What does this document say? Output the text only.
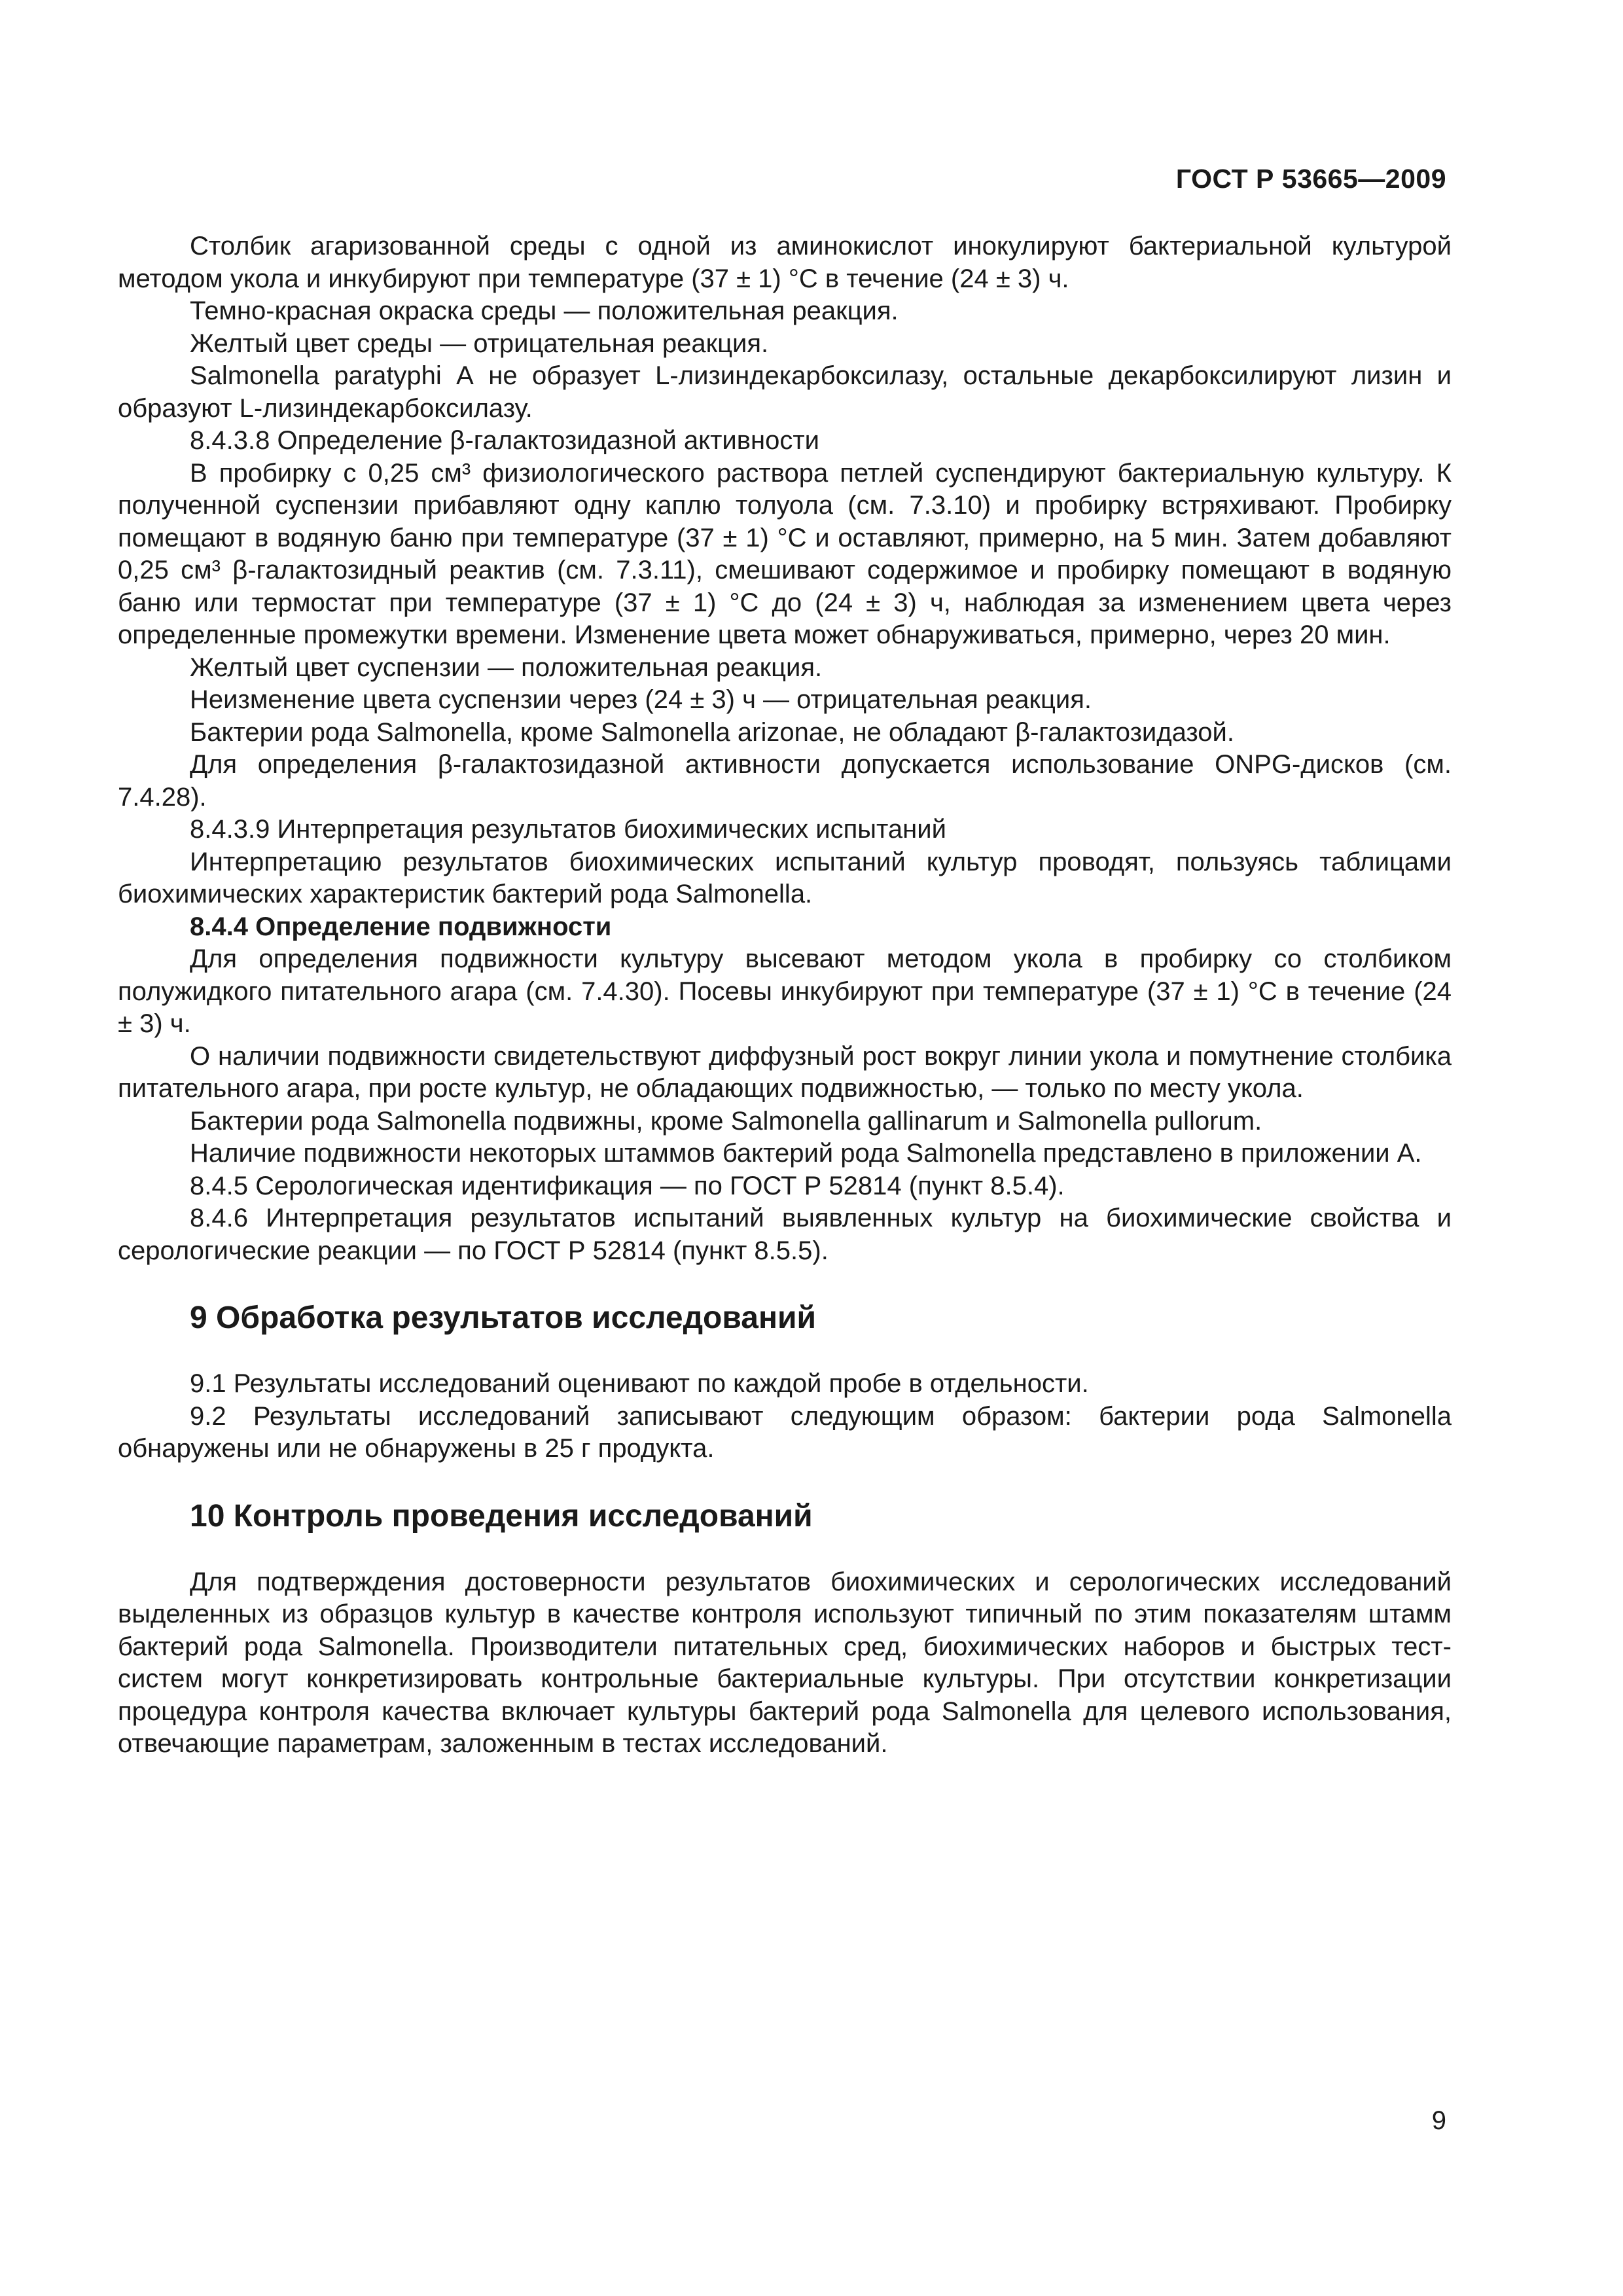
ГОСТ Р 53665—2009

Столбик агаризованной среды с одной из аминокислот инокулируют бактериальной культурой методом укола и инкубируют при температуре (37 ± 1) °С в течение (24 ± 3) ч.

Темно-красная окраска среды — положительная реакция.

Желтый цвет среды — отрицательная реакция.

Salmonella paratyphi А не образует L-лизиндекарбоксилазу, остальные декарбоксилируют лизин и образуют L-лизиндекарбоксилазу.

8.4.3.8 Определение β-галактозидазной активности

В пробирку с 0,25 см³ физиологического раствора петлей суспендируют бактериальную культуру. К полученной суспензии прибавляют одну каплю толуола (см. 7.3.10) и пробирку встряхивают. Пробирку помещают в водяную баню при температуре (37 ± 1) °С и оставляют, примерно, на 5 мин. Затем добавляют 0,25 см³ β-галактозидный реактив (см. 7.3.11), смешивают содержимое и пробирку помещают в водяную баню или термостат при температуре (37 ± 1) °С до (24 ± 3) ч, наблюдая за изменением цвета через определенные промежутки времени. Изменение цвета может обнаруживаться, примерно, через 20 мин.

Желтый цвет суспензии — положительная реакция.

Неизменение цвета суспензии через (24 ± 3) ч — отрицательная реакция.

Бактерии рода Salmonella, кроме Salmonella arizonae, не обладают β-галактозидазой.

Для определения β-галактозидазной активности допускается использование ONPG-дисков (см. 7.4.28).

8.4.3.9 Интерпретация результатов биохимических испытаний

Интерпретацию результатов биохимических испытаний культур проводят, пользуясь таблицами биохимических характеристик бактерий рода Salmonella.

8.4.4 Определение подвижности

Для определения подвижности культуру высевают методом укола в пробирку со столбиком полужидкого питательного агара (см. 7.4.30). Посевы инкубируют при температуре (37 ± 1) °С в течение (24 ± 3) ч.

О наличии подвижности свидетельствуют диффузный рост вокруг линии укола и помутнение столбика питательного агара, при росте культур, не обладающих подвижностью, — только по месту укола.

Бактерии рода Salmonella подвижны, кроме Salmonella gallinarum и Salmonella pullorum.

Наличие подвижности некоторых штаммов бактерий рода Salmonella представлено в приложении А.

8.4.5 Серологическая идентификация — по ГОСТ Р 52814 (пункт 8.5.4).

8.4.6 Интерпретация результатов испытаний выявленных культур на биохимические свойства и серологические реакции — по ГОСТ Р 52814 (пункт 8.5.5).

9 Обработка результатов исследований

9.1 Результаты исследований оценивают по каждой пробе в отдельности.

9.2 Результаты исследований записывают следующим образом: бактерии рода Salmonella обнаружены или не обнаружены в 25 г продукта.

10 Контроль проведения исследований

Для подтверждения достоверности результатов биохимических и серологических исследований выделенных из образцов культур в качестве контроля используют типичный по этим показателям штамм бактерий рода Salmonella. Производители питательных сред, биохимических наборов и быстрых тест-систем могут конкретизировать контрольные бактериальные культуры. При отсутствии конкретизации процедура контроля качества включает культуры бактерий рода Salmonella для целевого использования, отвечающие параметрам, заложенным в тестах исследований.

9
